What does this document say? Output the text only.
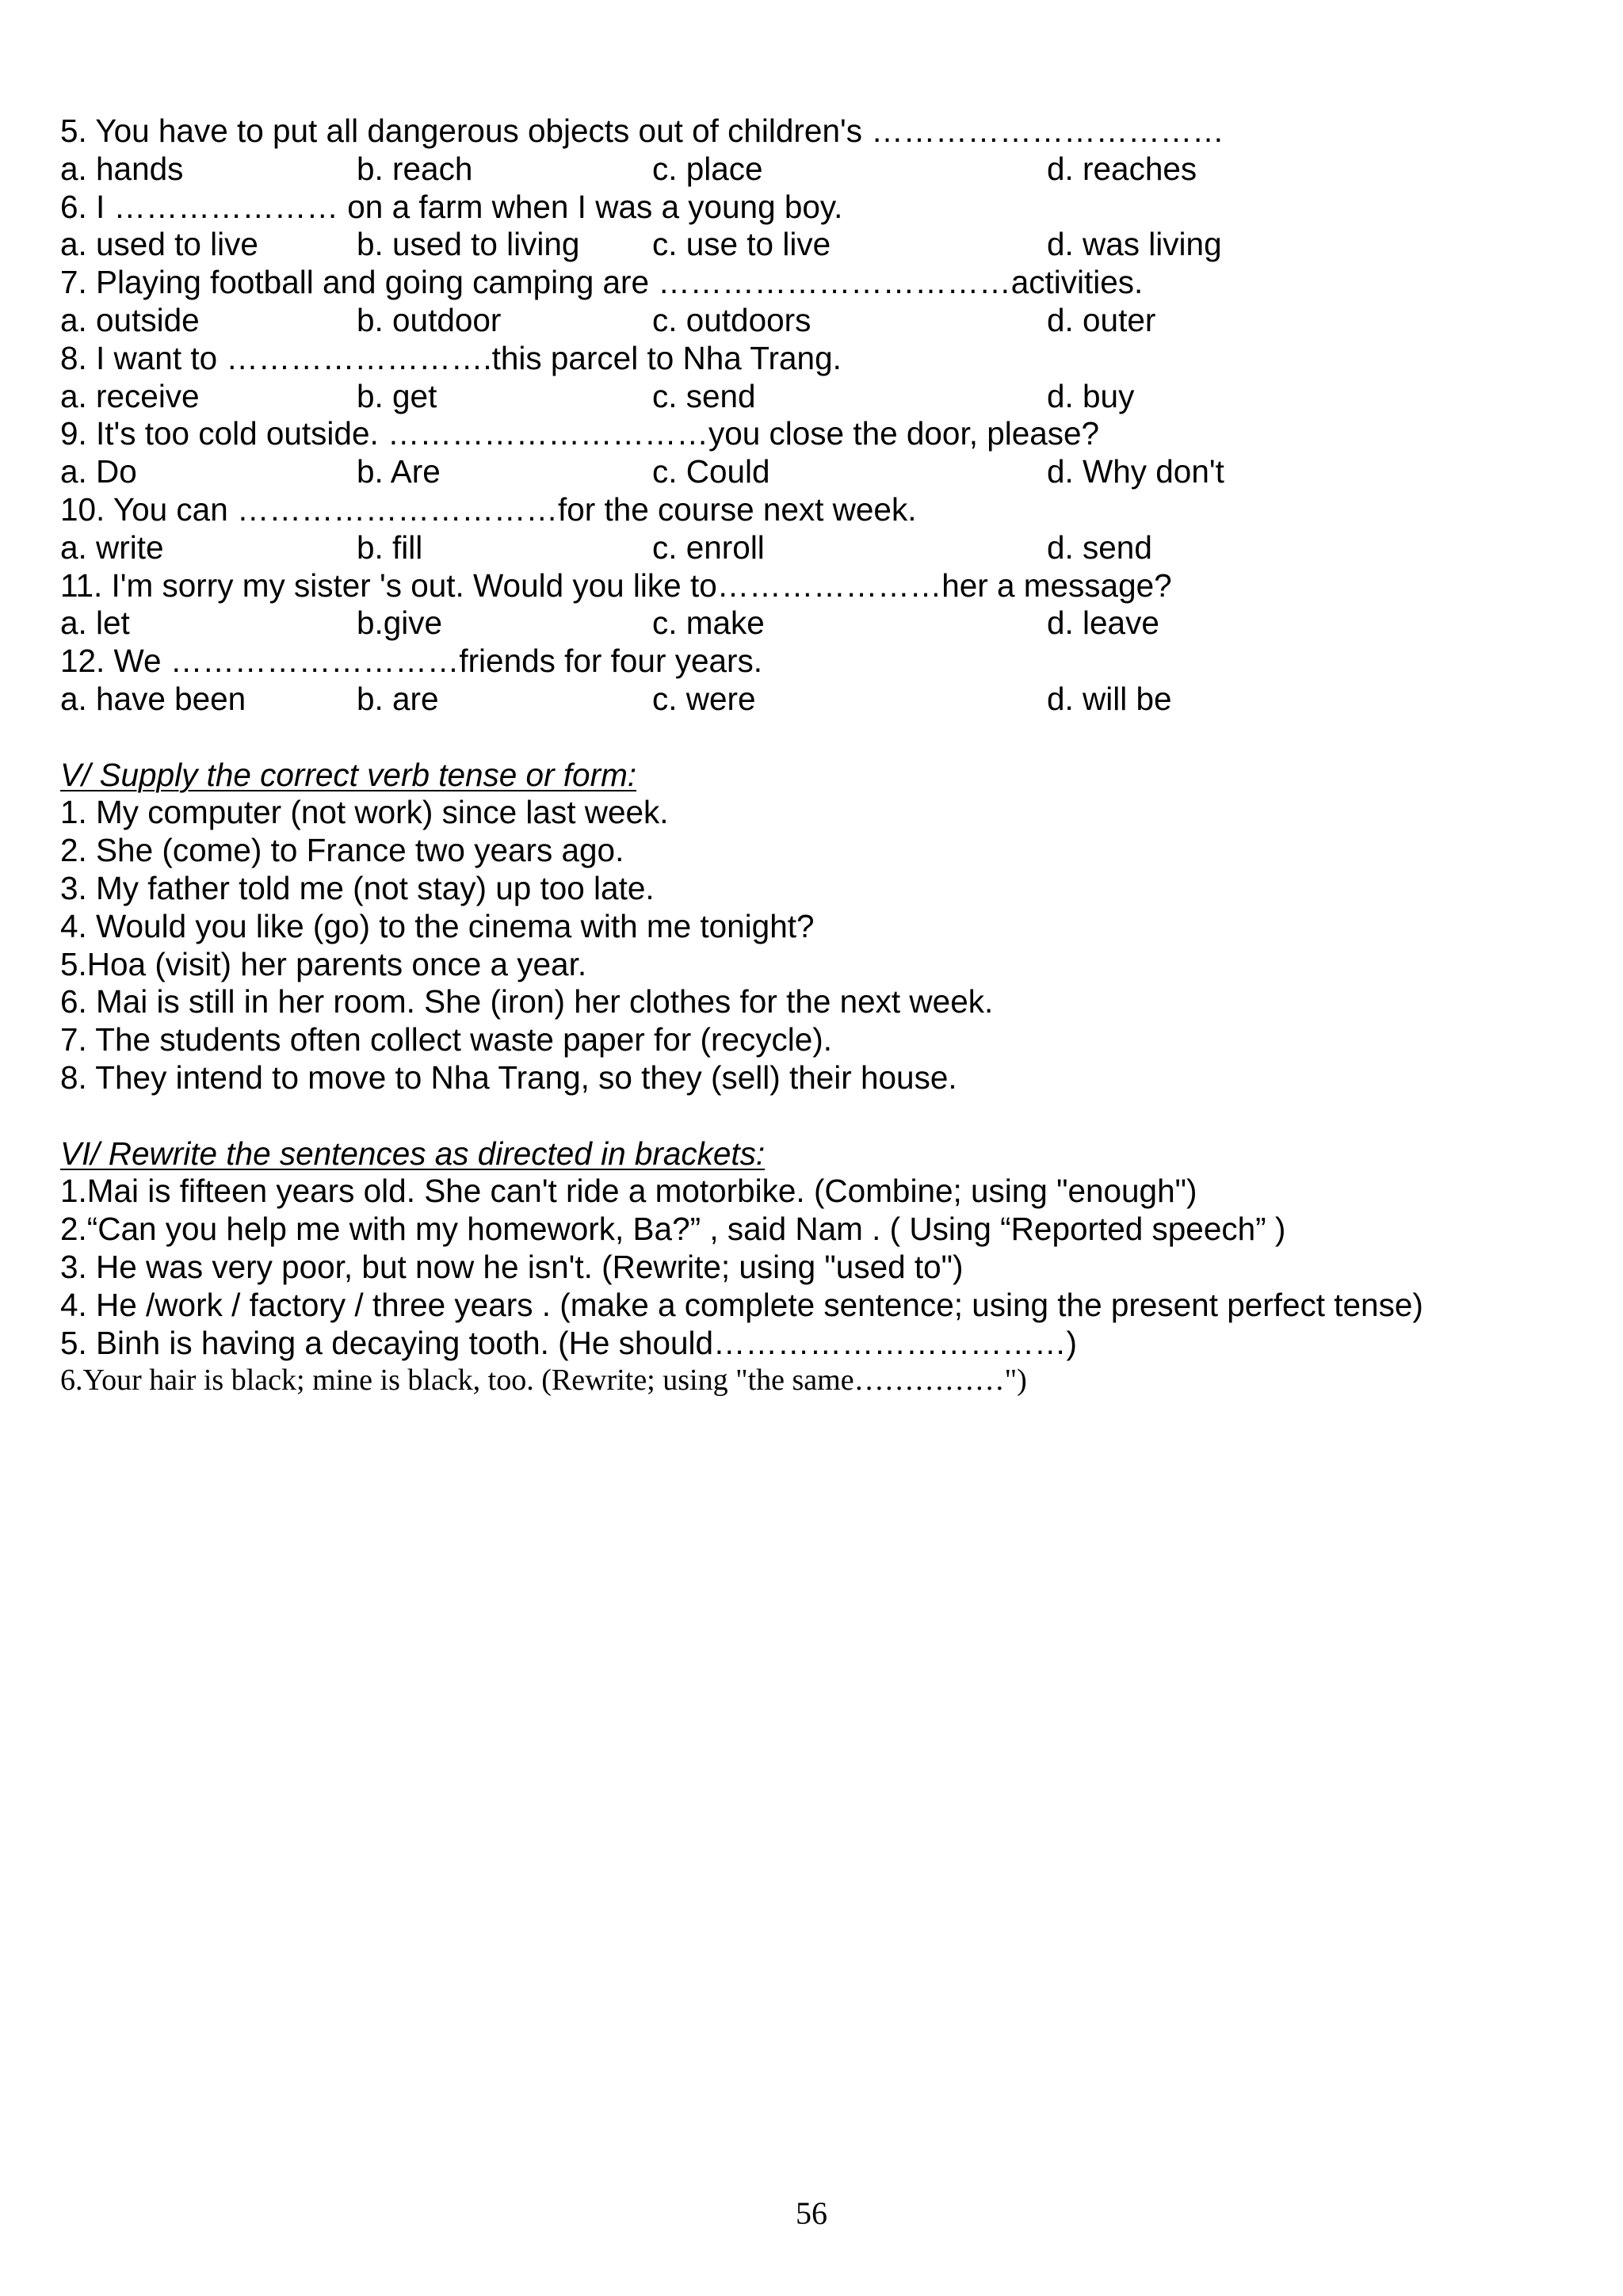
5. You have to put all dangerous objects out of children's ……………………………
a. hands	b. reach	c. place	d. reaches
6. I ………………… on a farm when I was a young boy.
a. used to live	b. used to living c. use to live	d. was living
7. Playing football and going camping are ……………………………activities.
a. outside	b. outdoor	c. outdoors	d. outer
8. I want to …………………….this parcel to Nha Trang.
a. receive	b. get	c. send	d. buy
9. It's too cold outside. …………………………you close the door, please?
a. Do	b. Are	c. Could	d. Why don't
10. You can …………………………for the course next week.
a. write	b. fill	c. enroll	d. send
11. I'm sorry my sister 's out. Would you like to…………………her a message?
a. let	b.give	c. make	d. leave
12. We ………………………friends for four years.
a. have been	b. are	c. were	d. will be
V/ Supply the correct verb tense or form:
1. My computer (not work) since last week.
2. She (come) to France two years ago.
3. My father told me (not stay) up too late.
4. Would you like (go) to the cinema with me tonight?
5.Hoa (visit) her parents once a year.
6. Mai is still in her room. She (iron) her clothes for the next week.
7. The students often collect waste paper for (recycle).
8. They intend to move to Nha Trang, so they (sell) their house.
VI/ Rewrite the sentences as directed in brackets:
1.Mai is fifteen years old. She can't ride a motorbike. (Combine; using "enough")
2.“Can you help me with my homework, Ba?” , said Nam . ( Using “Reported speech” )
3. He was very poor, but now he isn't. (Rewrite; using "used to")
4. He /work / factory / three years . (make a complete sentence; using the present perfect tense)
5. Binh is having a decaying tooth. (He should……………………………)
6.Your hair is black; mine is black, too. (Rewrite; using "the same……………")
56
